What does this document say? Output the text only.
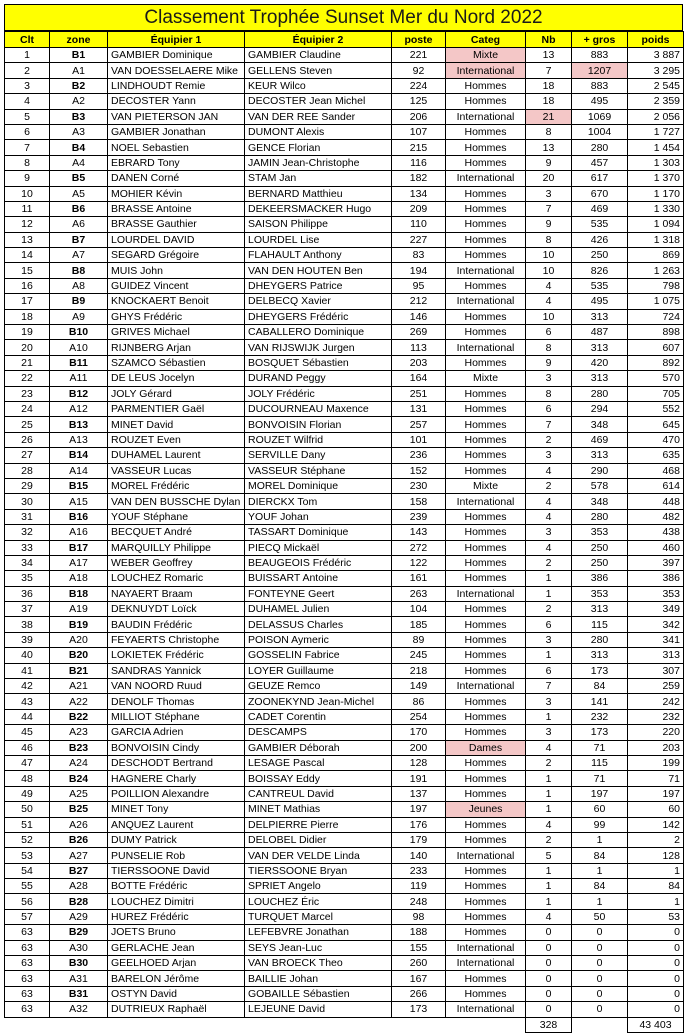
Classement Trophée Sunset Mer du Nord 2022
Clt	zone	Équipier 1	Équipier 2	poste	Categ	Nb	+ gros	poids
1	B1	GAMBIER Dominique	GAMBIER Claudine	221	Mixte	13	883	3 887
2	A1	VAN DOESSELAERE Mike	GELLENS Steven	92	International	7	1207	3 295
3	B2	LINDHOUDT Remie	KEUR Wilco	224	Hommes	18	883	2 545
4	A2	DECOSTER Yann	DECOSTER Jean Michel	125	Hommes	18	495	2 359
5	B3	VAN PIETERSON JAN	VAN DER REE Sander	206	International	21	1069	2 056
6	A3	GAMBIER Jonathan	DUMONT Alexis	107	Hommes	8	1004	1 727
7	B4	NOEL Sebastien	GENCE Florian	215	Hommes	13	280	1 454
8	A4	EBRARD Tony	JAMIN Jean-Christophe	116	Hommes	9	457	1 303
9	B5	DANEN Corné	STAM Jan	182	International	20	617	1 370
10	A5	MOHIER Kévin	BERNARD Matthieu	134	Hommes	3	670	1 170
11	B6	BRASSE Antoine	DEKEERSMACKER Hugo	209	Hommes	7	469	1 330
12	A6	BRASSE Gauthier	SAISON Philippe	110	Hommes	9	535	1 094
13	B7	LOURDEL DAVID	LOURDEL Lise	227	Hommes	8	426	1 318
14	A7	SEGARD Grégoire	FLAHAULT Anthony	83	Hommes	10	250	869
15	B8	MUIS John	VAN DEN HOUTEN Ben	194	International	10	826	1 263
16	A8	GUIDEZ Vincent	DHEYGERS Patrice	95	Hommes	4	535	798
17	B9	KNOCKAERT Benoit	DELBECQ Xavier	212	International	4	495	1 075
18	A9	GHYS Frédéric	DHEYGERS Frédéric	146	Hommes	10	313	724
19	B10	GRIVES Michael	CABALLERO Dominique	269	Hommes	6	487	898
20	A10	RIJNBERG Arjan	VAN RIJSWIJK Jurgen	113	International	8	313	607
21	B11	SZAMCO Sébastien	BOSQUET Sébastien	203	Hommes	9	420	892
22	A11	DE LEUS Jocelyn	DURAND Peggy	164	Mixte	3	313	570
23	B12	JOLY Gérard	JOLY Frédéric	251	Hommes	8	280	705
24	A12	PARMENTIER Gaël	DUCOURNEAU Maxence	131	Hommes	6	294	552
25	B13	MINET David	BONVOISIN Florian	257	Hommes	7	348	645
26	A13	ROUZET Even	ROUZET Wilfrid	101	Hommes	2	469	470
27	B14	DUHAMEL Laurent	SERVILLE Dany	236	Hommes	3	313	635
28	A14	VASSEUR Lucas	VASSEUR Stéphane	152	Hommes	4	290	468
29	B15	MOREL Frédéric	MOREL Dominique	230	Mixte	2	578	614
30	A15	VAN DEN BUSSCHE Dylan	DIERCKX Tom	158	International	4	348	448
31	B16	YOUF Stéphane	YOUF Johan	239	Hommes	4	280	482
32	A16	BECQUET André	TASSART Dominique	143	Hommes	3	353	438
33	B17	MARQUILLY Philippe	PIECQ Mickaël	272	Hommes	4	250	460
34	A17	WEBER Geoffrey	BEAUGEOIS Frédéric	122	Hommes	2	250	397
35	A18	LOUCHEZ Romaric	BUISSART Antoine	161	Hommes	1	386	386
36	B18	NAYAERT Braam	FONTEYNE Geert	263	International	1	353	353
37	A19	DEKNUYDT Loïck	DUHAMEL Julien	104	Hommes	2	313	349
38	B19	BAUDIN Frédéric	DELASSUS Charles	185	Hommes	6	115	342
39	A20	FEYAERTS Christophe	POISON Aymeric	89	Hommes	3	280	341
40	B20	LOKIETEK Frédéric	GOSSELIN Fabrice	245	Hommes	1	313	313
41	B21	SANDRAS Yannick	LOYER Guillaume	218	Hommes	6	173	307
42	A21	VAN NOORD Ruud	GEUZE Remco	149	International	7	84	259
43	A22	DENOLF Thomas	ZOONEKYND Jean-Michel	86	Hommes	3	141	242
44	B22	MILLIOT Stéphane	CADET Corentin	254	Hommes	1	232	232
45	A23	GARCIA Adrien	DESCAMPS	170	Hommes	3	173	220
46	B23	BONVOISIN Cindy	GAMBIER Déborah	200	Dames	4	71	203
47	A24	DESCHODT Bertrand	LESAGE Pascal	128	Hommes	2	115	199
48	B24	HAGNERE Charly	BOISSAY Eddy	191	Hommes	1	71	71
49	A25	POILLION Alexandre	CANTREUL David	137	Hommes	1	197	197
50	B25	MINET Tony	MINET Mathias	197	Jeunes	1	60	60
51	A26	ANQUEZ Laurent	DELPIERRE Pierre	176	Hommes	4	99	142
52	B26	DUMY Patrick	DELOBEL Didier	179	Hommes	2	1	2
53	A27	PUNSELIE Rob	VAN DER VELDE Linda	140	International	5	84	128
54	B27	TIERSSOONE David	TIERSSOONE Bryan	233	Hommes	1	1	1
55	A28	BOTTE Frédéric	SPRIET Angelo	119	Hommes	1	84	84
56	B28	LOUCHEZ Dimitri	LOUCHEZ Éric	248	Hommes	1	1	1
57	A29	HUREZ Frédéric	TURQUET Marcel	98	Hommes	4	50	53
63	B29	JOETS Bruno	LEFEBVRE Jonathan	188	Hommes	0	0	0
63	A30	GERLACHE Jean	SEYS Jean-Luc	155	International	0	0	0
63	B30	GEELHOED Arjan	VAN BROECK Theo	260	International	0	0	0
63	A31	BARELON Jérôme	BAILLIE Johan	167	Hommes	0	0	0
63	B31	OSTYN David	GOBAILLE Sébastien	266	Hommes	0	0	0
63	A32	DUTRIEUX Raphaël	LEJEUNE David	173	International	0	0	0
						328		43 403
